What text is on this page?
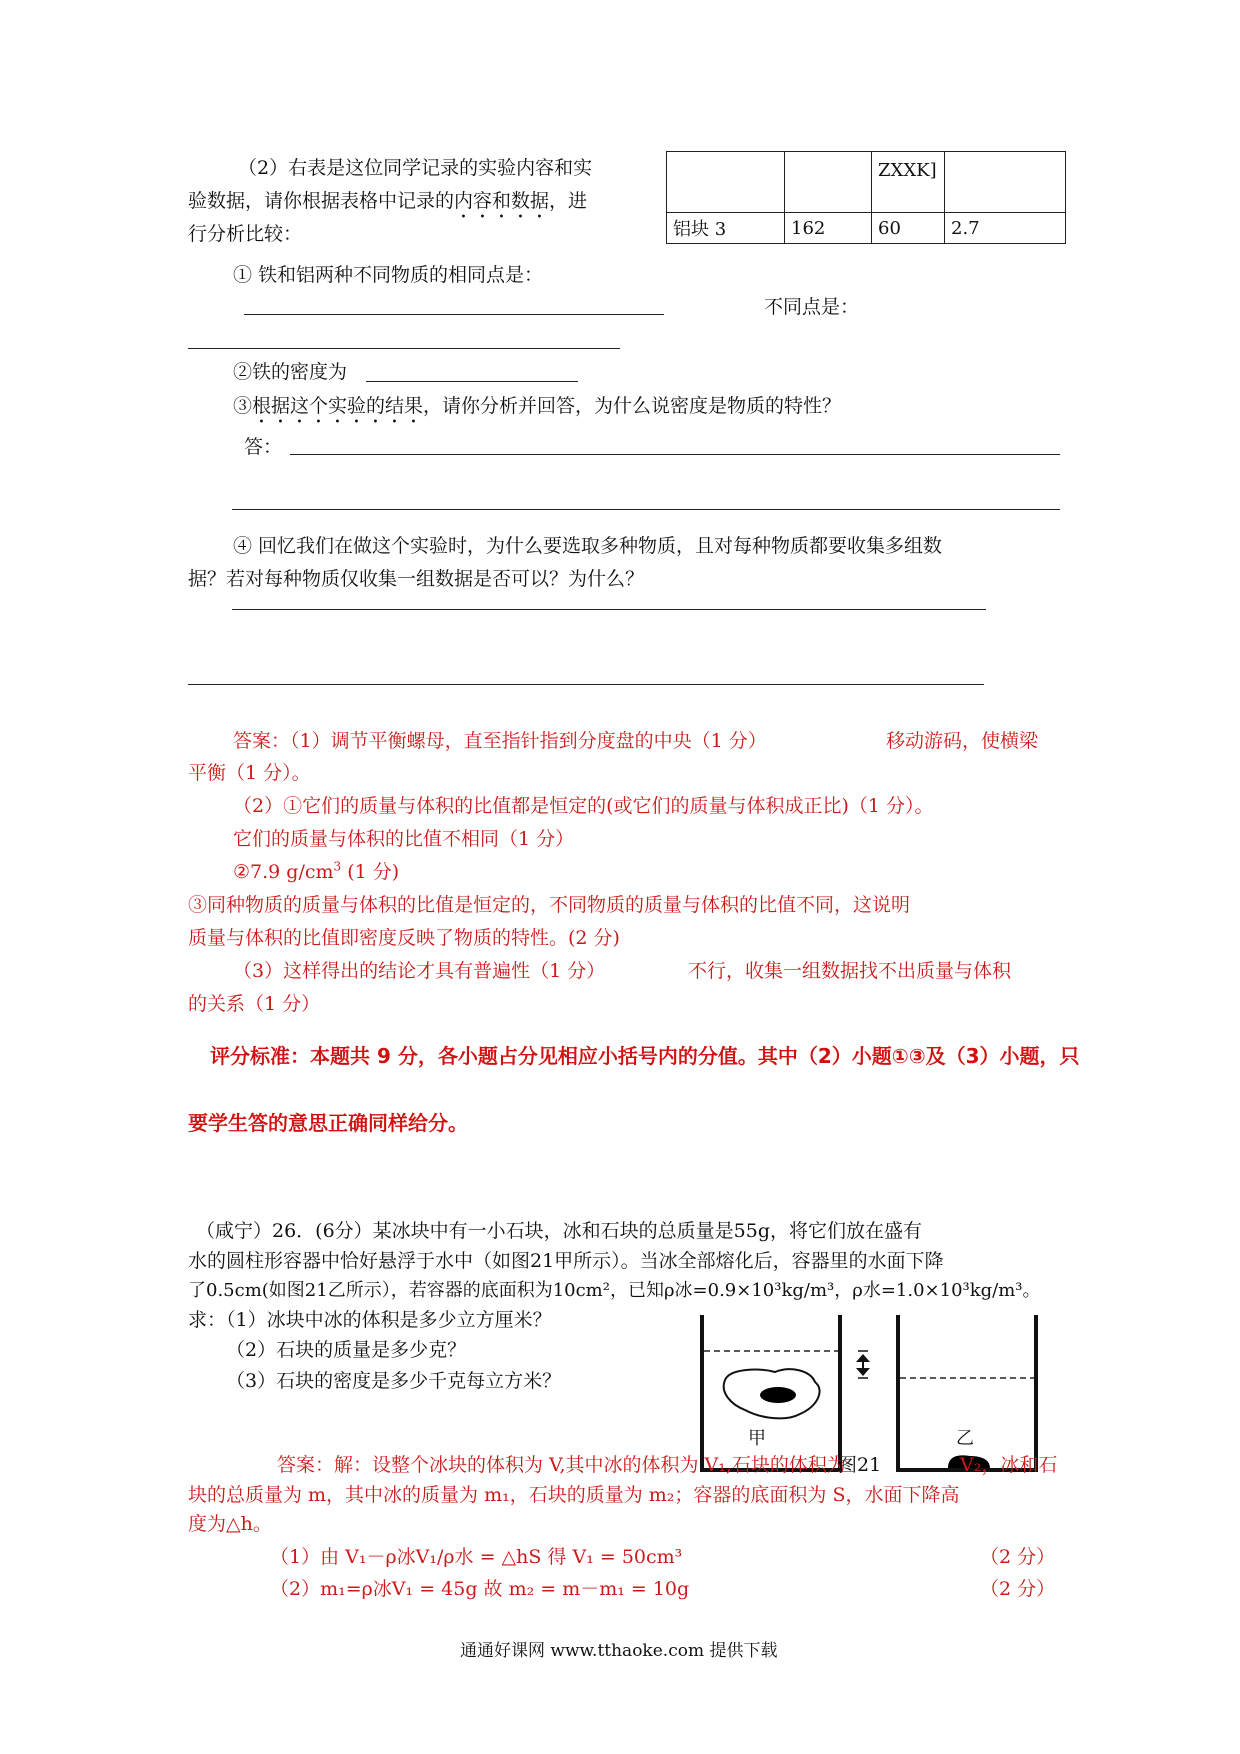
（2）右表是这位同学记录的实验内容和实
验数据，请你根据表格中记录的内容和数据，进
行分析比较：
		ZXXK]	
铝块 3	162	60	2.7
① 铁和铝两种不同物质的相同点是：
不同点是：
②铁的密度为
③根据这个实验的结果，请你分析并回答，为什么说密度是物质的特性？
答：
④ 回忆我们在做这个实验时，为什么要选取多种物质，且对每种物质都要收集多组数
据？若对每种物质仅收集一组数据是否可以？为什么？
答案：（1）调节平衡螺母，直至指针指到分度盘的中央（1 分）	移动游码，使横梁
平衡（1 分）。
（2）①它们的质量与体积的比值都是恒定的(或它们的质量与体积成正比)（1 分）。
它们的质量与体积的比值不相同（1 分）
②7.9 $g/cm^3$ (1 分)
③同种物质的质量与体积的比值是恒定的，不同物质的质量与体积的比值不同，这说明
质量与体积的比值即密度反映了物质的特性。(2 分)
（3）这样得出的结论才具有普遍性（1 分）	不行，收集一组数据找不出质量与体积
的关系（1 分）
评分标准：本题共 9 分，各小题占分见相应小括号内的分值。其中（2）小题①③及（3）小题，只
要学生答的意思正确同样给分。
（咸宁）26．(6分）某冰块中有一小石块，冰和石块的总质量是55g，将它们放在盛有
水的圆柱形容器中恰好悬浮于水中（如图21甲所示）。当冰全部熔化后，容器里的水面下降
了0.5cm(如图21乙所示），若容器的底面积为10cm²，已知ρ冰=0.9×10³kg/m³，ρ水=1.0×10³kg/m³。
求：（1）冰块中冰的体积是多少立方厘米？
（2）石块的质量是多少克？
（3）石块的密度是多少千克每立方米？
甲	乙
答案：解：设整个冰块的体积为 V,其中冰的体积为 V₁,石块的体积为
图21	V₂，冰和石
块的总质量为 m，其中冰的质量为 m₁，石块的质量为 m₂；容器的底面积为 S，水面下降高
度为△h。
（1）由 V₁－ρ冰V₁/ρ水 = △hS 得 V₁ = 50cm³	（2 分）
（2）m₁=ρ冰V₁ = 45g 故 m₂ = m－m₁ = 10g	（2 分）
通通好课网 www.tthaoke.com 提供下载
